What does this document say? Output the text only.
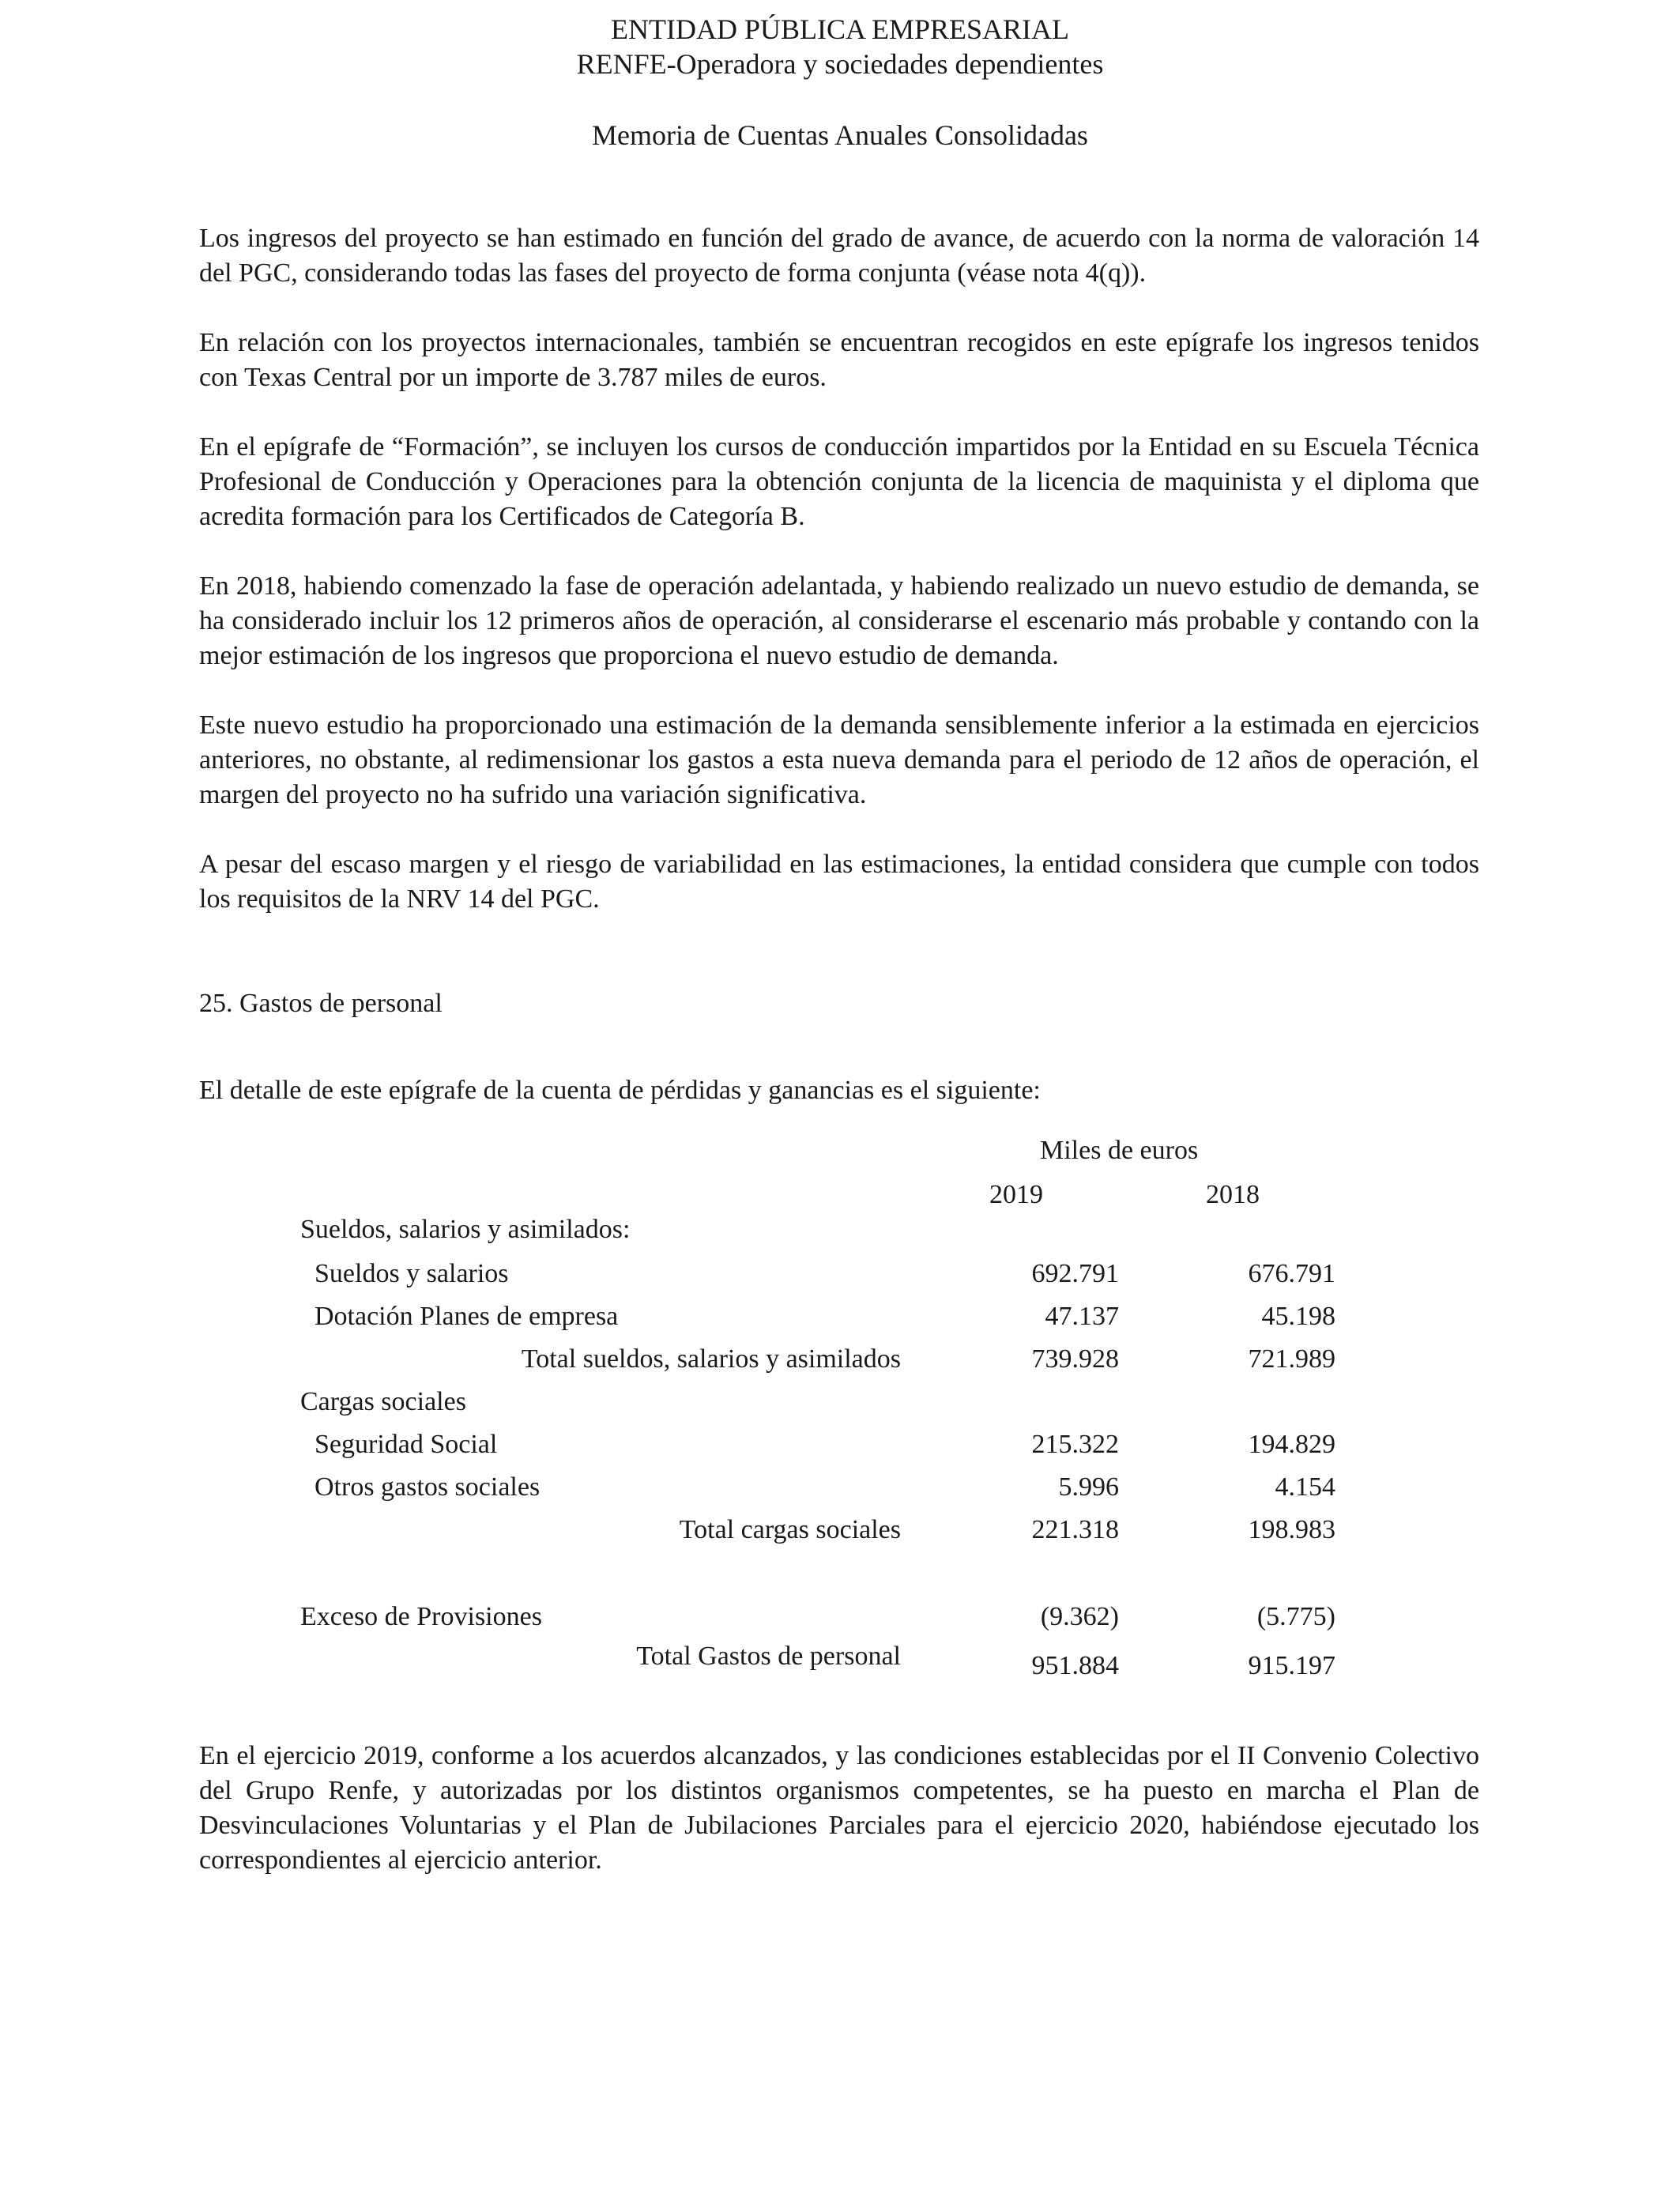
ENTIDAD PÚBLICA EMPRESARIAL
RENFE-Operadora y sociedades dependientes
Memoria de Cuentas Anuales Consolidadas

Los ingresos del proyecto se han estimado en función del grado de avance, de acuerdo con la norma de valoración 14 del PGC, considerando todas las fases del proyecto de forma conjunta (véase nota 4(q)).

En relación con los proyectos internacionales, también se encuentran recogidos en este epígrafe los ingresos tenidos con Texas Central por un importe de 3.787 miles de euros.

En el epígrafe de “Formación”, se incluyen los cursos de conducción impartidos por la Entidad en su Escuela Técnica Profesional de Conducción y Operaciones para la obtención conjunta de la licencia de maquinista y el diploma que acredita formación para los Certificados de Categoría B.

En 2018, habiendo comenzado la fase de operación adelantada, y habiendo realizado un nuevo estudio de demanda, se ha considerado incluir los 12 primeros años de operación, al considerarse el escenario más probable y contando con la mejor estimación de los ingresos que proporciona el nuevo estudio de demanda.

Este nuevo estudio ha proporcionado una estimación de la demanda sensiblemente inferior a la estimada en ejercicios anteriores, no obstante, al redimensionar los gastos a esta nueva demanda para el periodo de 12 años de operación, el margen del proyecto no ha sufrido una variación significativa.

A pesar del escaso margen y el riesgo de variabilidad en las estimaciones, la entidad considera que cumple con todos los requisitos de la NRV 14 del PGC.

25. Gastos de personal
El detalle de este epígrafe de la cuenta de pérdidas y ganancias es el siguiente:
Miles de euros
2019	2018
Sueldos, salarios y asimilados:
Sueldos y salarios	692.791	676.791
Dotación Planes de empresa	47.137	45.198
Total sueldos, salarios y asimilados	739.928	721.989
Cargas sociales
Seguridad Social	215.322	194.829
Otros gastos sociales	5.996	4.154
Total cargas sociales	221.318	198.983
Exceso de Provisiones	(9.362)	(5.775)
Total Gastos de personal	951.884	915.197

En el ejercicio 2019, conforme a los acuerdos alcanzados, y las condiciones establecidas por el II Convenio Colectivo del Grupo Renfe, y autorizadas por los distintos organismos competentes, se ha puesto en marcha el Plan de Desvinculaciones Voluntarias y el Plan de Jubilaciones Parciales para el ejercicio 2020, habiéndose ejecutado los correspondientes al ejercicio anterior.
